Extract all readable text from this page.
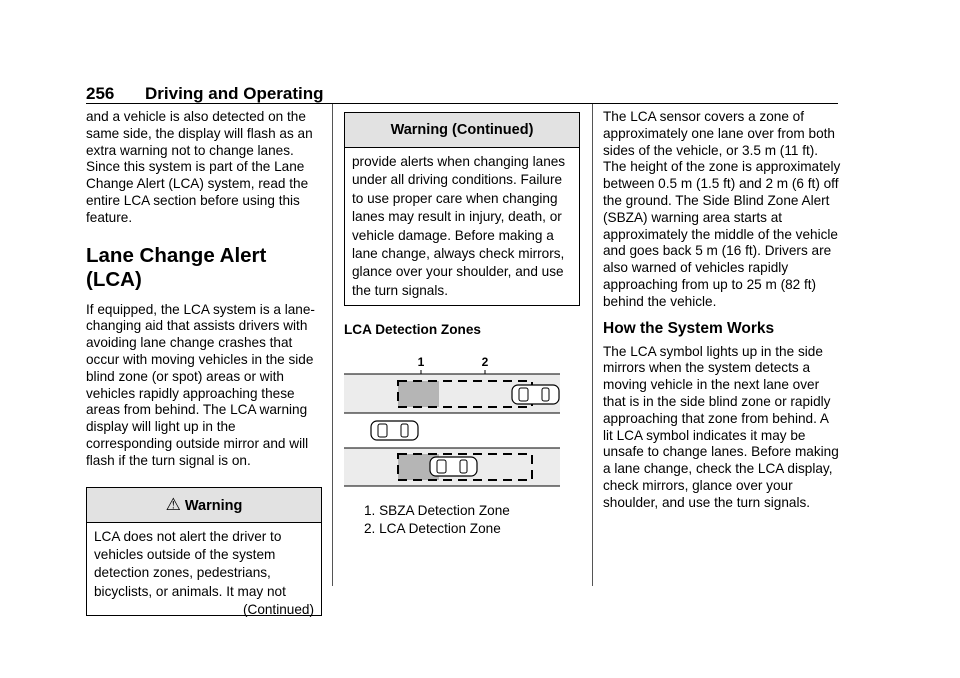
256 Driving and Operating

and a vehicle is also detected on the same side, the display will flash as an extra warning not to change lanes. Since this system is part of the Lane Change Alert (LCA) system, read the entire LCA section before using this feature.

Lane Change Alert (LCA)

If equipped, the LCA system is a lane-changing aid that assists drivers with avoiding lane change crashes that occur with moving vehicles in the side blind zone (or spot) areas or with vehicles rapidly approaching these areas from behind. The LCA warning display will light up in the corresponding outside mirror and will flash if the turn signal is on.

⚠ Warning

LCA does not alert the driver to vehicles outside of the system detection zones, pedestrians, bicyclists, or animals. It may not

(Continued)
Warning (Continued)

provide alerts when changing lanes under all driving conditions. Failure to use proper care when changing lanes may result in injury, death, or vehicle damage. Before making a lane change, always check mirrors, glance over your shoulder, and use the turn signals.

LCA Detection Zones
1	2

1. SBZA Detection Zone

2. LCA Detection Zone

The LCA sensor covers a zone of approximately one lane over from both sides of the vehicle, or 3.5 m (11 ft). The height of the zone is approximately between 0.5 m (1.5 ft) and 2 m (6 ft) off the ground. The Side Blind Zone Alert (SBZA) warning area starts at approximately the middle of the vehicle and goes back 5 m (16 ft). Drivers are also warned of vehicles rapidly approaching from up to 25 m (82 ft) behind the vehicle.

How the System Works

The LCA symbol lights up in the side mirrors when the system detects a moving vehicle in the next lane over that is in the side blind zone or rapidly approaching that zone from behind. A lit LCA symbol indicates it may be unsafe to change lanes. Before making a lane change, check the LCA display, check mirrors, glance over your shoulder, and use the turn signals.
